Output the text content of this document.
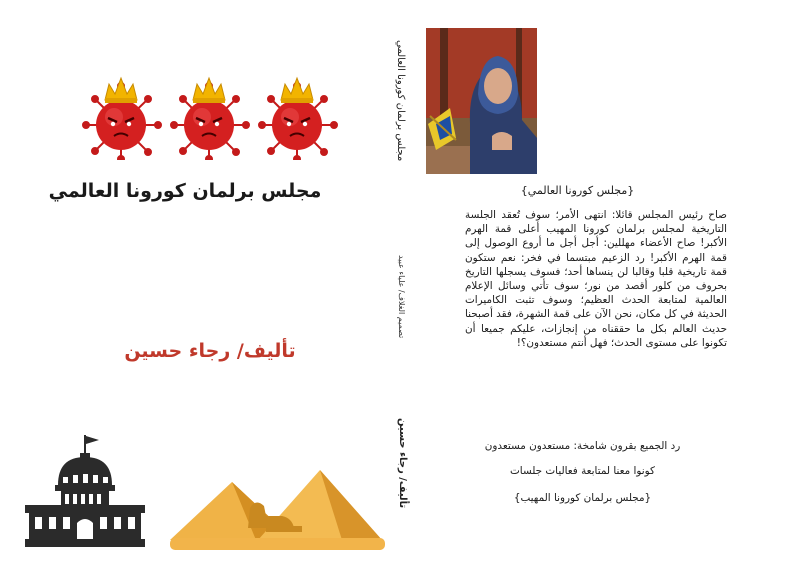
مجلس برلمان كورونا العالمي
تأليف/ رجاء حسين
مجلس برلمان كورونا العالمي
تصميم الغلاف/ علياء عبيد
تأليف/ رجاء حسين
{مجلس كورونا العالمي}
صاح رئيس المجلس قائلا: انتهى الأمر؛ سوف تُعقد الجلسة التاريخية لمجلس برلمان كورونا المهيب أعلى قمة الهرم الأكبر! صاح الأعضاء مهللين: أجل أجل ما أروع الوصول إلى قمة الهرم الأكبر! رد الزعيم مبتسما في فخر: نعم ستكون قمة تاريخية قلبا وقالبا لن ينساها أحد؛ فسوف يسجلها التاريخ بحروف من كلور أقصد من نور؛ سوف تأتي وسائل الإعلام العالمية لمتابعة الحدث العظيم؛ وسوف تثبت الكاميرات الحديثة في كل مكان، نحن الآن على قمة الشهرة، فقد أصبحنا حديث العالم بكل ما حققناه من إنجازات، عليكم جميعا أن تكونوا على مستوى الحدث؛ فهل أنتم مستعدون؟!
رد الجميع بقرون شامخة: مستعدون مستعدون
كونوا معنا لمتابعة فعاليات جلسات
{مجلس برلمان كورونا المهيب}
